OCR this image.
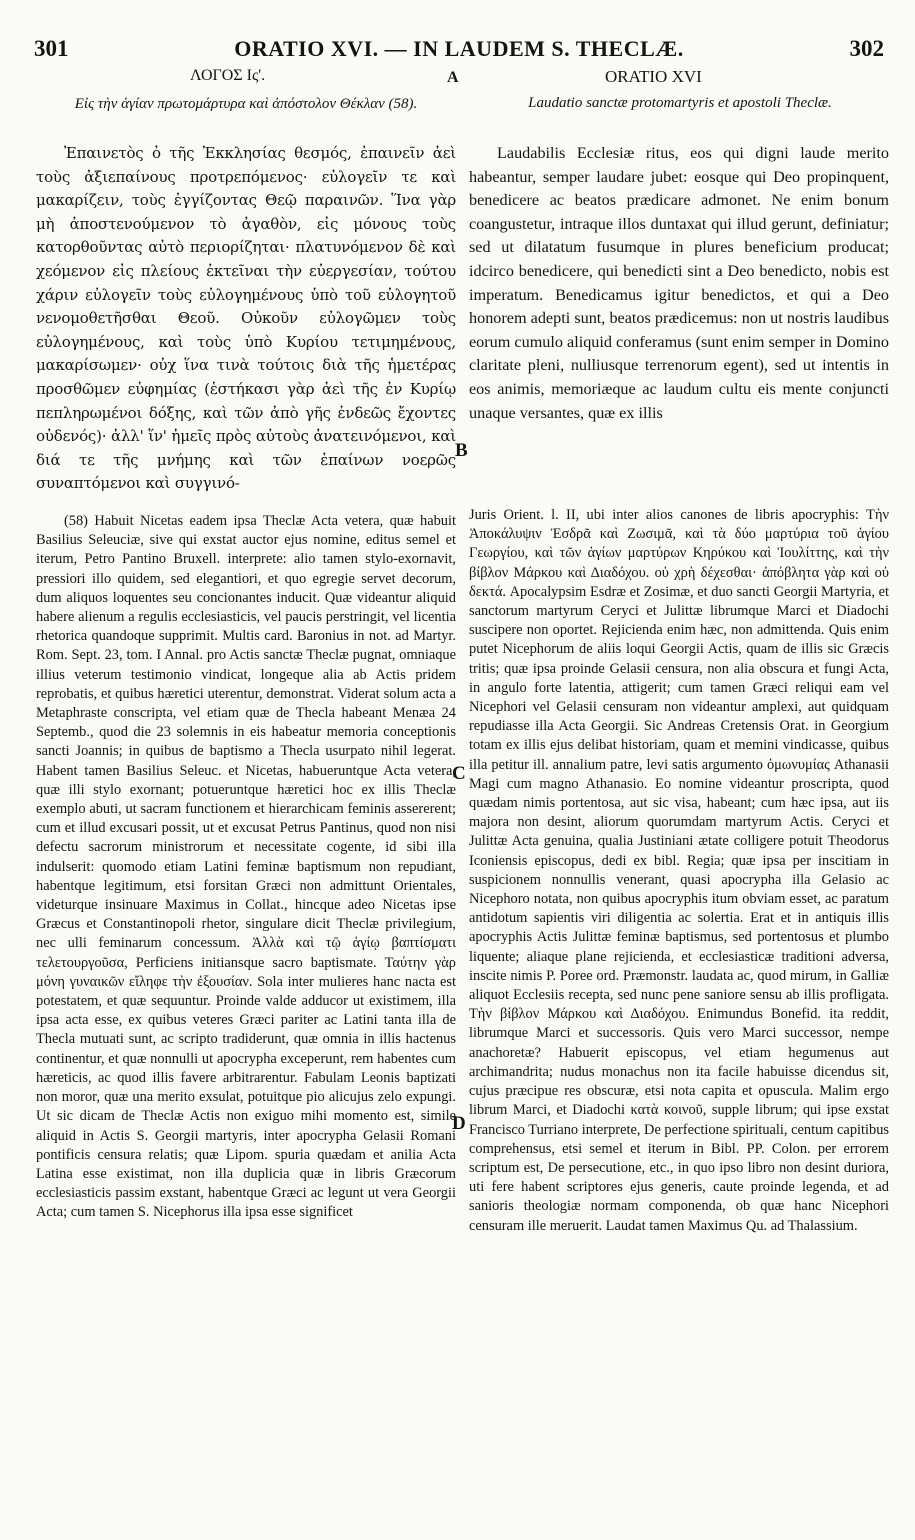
301	ORATIO XVI. — IN LAUDEM S. THECLÆ.	302
ΛΟΓΟΣ Ις'.	A	ORATIO XVI
Εἰς τὴν ἁγίαν πρωτομάρτυρα καὶ ἀπόστολον Θέκλαν (58).	Laudatio sanctæ protomartyris et apostoli Theclæ.

Ἐπαινετὸς ὁ τῆς Ἐκκλησίας θεσμός, ἐπαινεῖν ἀεὶ τοὺς ἀξιεπαίνους προτρεπόμενος· εὐλογεῖν τε καὶ μακαρίζειν, τοὺς ἐγγίζοντας Θεῷ παραινῶν. Ἵνα γὰρ μὴ ἀποστενούμενον τὸ ἀγαθὸν, εἰς μόνους τοὺς κατορθοῦντας αὐτὸ περιορίζηται· πλατυνόμενον δὲ καὶ χεόμενον εἰς πλείους ἐκτεῖναι τὴν εὐεργεσίαν, τούτου χάριν εὐλογεῖν τοὺς εὐλογημένους ὑπὸ τοῦ εὐλογητοῦ νενομοθετῆσθαι Θεοῦ. Οὐκοῦν εὐλογῶμεν τοὺς εὐλογημένους, καὶ τοὺς ὑπὸ Κυρίου τετιμημένους, μακαρίσωμεν· οὐχ ἵνα τινὰ τούτοις διὰ τῆς ἡμετέρας προσθῶμεν εὐφημίας (ἑστήκασι γὰρ ἀεὶ τῆς ἐν Κυρίῳ πεπληρωμένοι δόξης, καὶ τῶν ἀπὸ γῆς ἐνδεῶς ἔχοντες οὐδενός)· ἀλλ' ἵν' ἡμεῖς πρὸς αὐτοὺς ἀνατεινόμενοι, καὶ διά τε τῆς μνήμης καὶ τῶν ἐπαίνων νοερῶς συναπτόμενοι καὶ συγγινό-

Laudabilis Ecclesiæ ritus, eos qui digni laude merito habeantur, semper laudare jubet: eosque qui Deo propinquent, benedicere ac beatos prædicare admonet. Ne enim bonum coangustetur, intraque illos duntaxat qui illud gerunt, definiatur; sed ut dilatatum fusumque in plures beneficium producat; idcirco benedicere, qui benedicti sint a Deo benedicto, nobis est imperatum. Benedicamus igitur benedictos, et qui a Deo honorem adepti sunt, beatos prædicemus: non ut nostris laudibus eorum cumulo aliquid conferamus (sunt enim semper in Domino claritate pleni, nulliusque terrenorum egent), sed ut intentis in eos animis, memoriæque ac laudum cultu eis mente conjuncti unaque versantes, quæ ex illis

B

(58) Habuit Nicetas eadem ipsa Theclæ Acta vetera, quæ habuit Basilius Seleuciæ, sive qui exstat auctor ejus nomine, editus semel et iterum, Petro Pantino Bruxell. interprete: alio tamen stylo-exornavit, pressiori illo quidem, sed elegantiori, et quo egregie servet decorum, dum aliquos loquentes seu concionantes inducit. Quæ videantur aliquid habere alienum a regulis ecclesiasticis, vel paucis perstringit, vel licentia rhetorica quandoque supprimit. Multis card. Baronius in not. ad Martyr. Rom. Sept. 23, tom. I Annal. pro Actis sanctæ Theclæ pugnat, omniaque illius veterum testimonio vindicat, longeque alia ab Actis pridem reprobatis, et quibus hæretici uterentur, demonstrat. Viderat solum acta a Metaphraste conscripta, vel etiam quæ de Thecla habeant Menæa 24 Septemb., quod die 23 solemnis in eis habeatur memoria conceptionis sancti Joannis; in quibus de baptismo a Thecla usurpato nihil legerat. Habent tamen Basilius Seleuc. et Nicetas, habueruntque Acta vetera, quæ illi stylo exornant; potueruntque hæretici hoc ex illis Theclæ exemplo abuti, ut sacram functionem et hierarchicam feminis assererent; cum et illud excusari possit, ut et excusat Petrus Pantinus, quod non nisi defectu sacrorum ministrorum et necessitate cogente, id sibi illa indulserit: quomodo etiam Latini feminæ baptismum non repudiant, habentque legitimum, etsi forsitan Græci non admittunt Orientales, videturque insinuare Maximus in Collat., hincque adeo Nicetas ipse Græcus et Constantinopoli rhetor, singulare dicit Theclæ privilegium, nec ulli feminarum concessum. Ἀλλὰ καὶ τῷ ἁγίῳ βαπτίσματι τελετουργοῦσα, Perficiens initiansque sacro baptismate. Ταύτην γὰρ μόνη γυναικῶν εἴληφε τὴν ἐξουσίαν. Sola inter mulieres hanc nacta est potestatem, et quæ sequuntur. Proinde valde adducor ut existimem, illa ipsa acta esse, ex quibus veteres Græci pariter ac Latini tanta illa de Thecla mutuati sunt, ac scripto tradiderunt, quæ omnia in illis hactenus continentur, et quæ nonnulli ut apocrypha exceperunt, rem habentes cum hæreticis, ac quod illis favere arbitrarentur. Fabulam Leonis baptizati non moror, quæ una merito exsulat, potuitque pio alicujus zelo expungi. Ut sic dicam de Theclæ Actis non exiguo mihi momento est, simile aliquid in Actis S. Georgii martyris, inter apocrypha Gelasii Romani pontificis censura relatis; quæ Lipom. spuria quædam et anilia Acta Latina esse existimat, non illa duplicia quæ in libris Græcorum ecclesiasticis passim exstant, habentque Græci ac legunt ut vera Georgii Acta; cum tamen S. Nicephorus illa ipsa esse significet

Juris Orient. l. II, ubi inter alios canones de libris apocryphis: Τὴν Ἀποκάλυψιν Ἐσδρᾶ καὶ Ζωσιμᾶ, καὶ τὰ δύο μαρτύρια τοῦ ἁγίου Γεωργίου, καὶ τῶν ἁγίων μαρτύρων Κηρύκου καὶ Ἰουλίττης, καὶ τὴν βίβλον Μάρκου καὶ Διαδόχου. οὐ χρὴ δέχεσθαι· ἀπόβλητα γὰρ καὶ οὐ δεκτά. Apocalypsim Esdræ et Zosimæ, et duo sancti Georgii Martyria, et sanctorum martyrum Ceryci et Julittæ librumque Marci et Diadochi suscipere non oportet. Rejicienda enim hæc, non admittenda. Quis enim putet Nicephorum de aliis loqui Georgii Actis, quam de illis sic Græcis tritis; quæ ipsa proinde Gelasii censura, non alia obscura et fungi Acta, in angulo forte latentia, attigerit; cum tamen Græci reliqui eam vel Nicephori vel Gelasii censuram non videantur amplexi, aut quidquam repudiasse illa Acta Georgii. Sic Andreas Cretensis Orat. in Georgium totam ex illis ejus delibat historiam, quam et memini vindicasse, quibus illa petitur ill. annalium patre, levi satis argumento ὁμωνυμίας Athanasii Magi cum magno Athanasio. Eo nomine videantur proscripta, quod quædam nimis portentosa, aut sic visa, habeant; cum hæc ipsa, aut iis majora non desint, aliorum quorumdam martyrum Actis. Ceryci et Julittæ Acta genuina, qualia Justiniani ætate colligere potuit Theodorus Iconiensis episcopus, dedi ex bibl. Regia; quæ ipsa per inscitiam in suspicionem nonnullis venerant, quasi apocrypha illa Gelasio ac Nicephoro notata, non quibus apocryphis itum obviam esset, ac paratum antidotum sapientis viri diligentia ac solertia. Erat et in antiquis illis apocryphis Actis Julittæ feminæ baptismus, sed portentosus et plumbo liquente; aliaque plane rejicienda, et ecclesiasticæ traditioni adversa, inscite nimis P. Poree ord. Præmonstr. laudata ac, quod mirum, in Galliæ aliquot Ecclesiis recepta, sed nunc pene saniore sensu ab illis profligata. Τὴν βίβλον Μάρκου καὶ Διαδόχου. Enimundus Bonefid. ita reddit, librumque Marci et successoris. Quis vero Marci successor, nempe anachoretæ? Habuerit episcopus, vel etiam hegumenus aut archimandrita; nudus monachus non ita facile habuisse dicendus sit, cujus præcipue res obscuræ, etsi nota capita et opuscula. Malim ergo librum Marci, et Diadochi κατὰ κοινοῦ, supple librum; qui ipse exstat Francisco Turriano interprete, De perfectione spirituali, centum capitibus comprehensus, etsi semel et iterum in Bibl. PP. Colon. per errorem scriptum est, De persecutione, etc., in quo ipso libro non desint duriora, uti fere habent scriptores ejus generis, caute proinde legenda, et ad sanioris theologiæ normam componenda, ob quæ hanc Nicephori censuram ille meruerit. Laudat tamen Maximus Qu. ad Thalassium.

C
D
